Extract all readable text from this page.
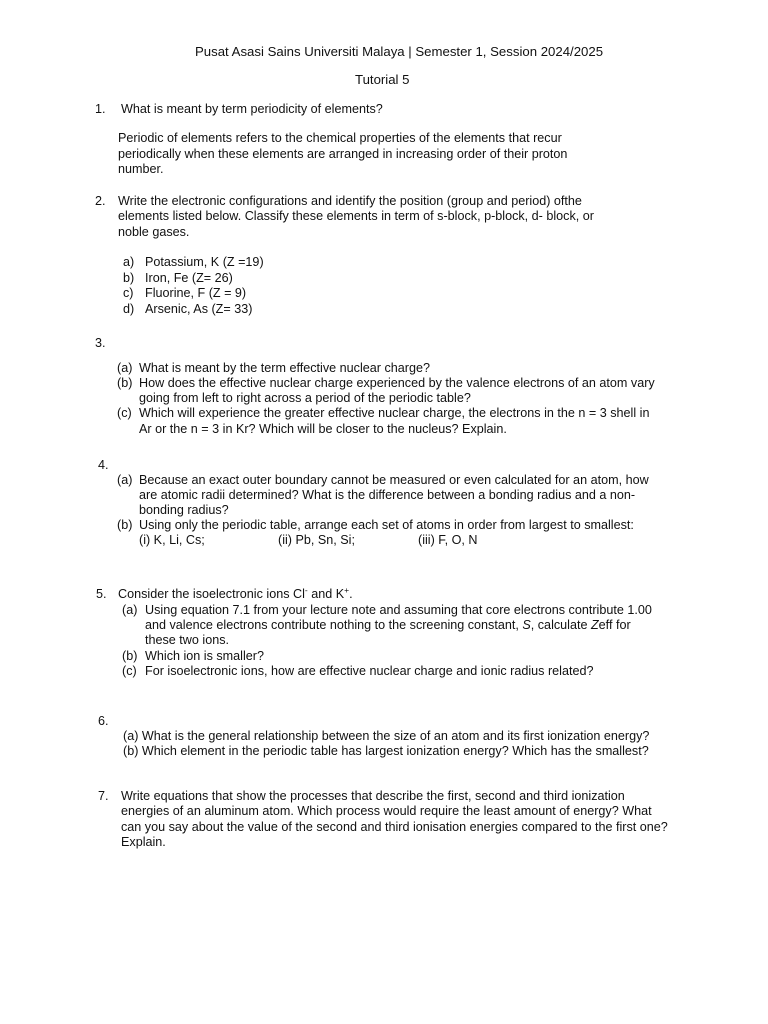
Pusat Asasi Sains Universiti Malaya | Semester 1, Session 2024/2025
Tutorial 5
1. What is meant by term periodicity of elements?
Periodic of elements refers to the chemical properties of the elements that recur
periodically when these elements are arranged in increasing order of their proton
number.
2. Write the electronic configurations and identify the position (group and period) ofthe
elements listed below. Classify these elements in term of s-block, p-block, d- block, or
noble gases.
a) Potassium, K (Z =19)
b) Iron, Fe (Z= 26)
c) Fluorine, F (Z = 9)
d) Arsenic, As (Z= 33)
3.
(a) What is meant by the term effective nuclear charge?
(b) How does the effective nuclear charge experienced by the valence electrons of an atom vary
going from left to right across a period of the periodic table?
(c) Which will experience the greater effective nuclear charge, the electrons in the n = 3 shell in
Ar or the n = 3 in Kr? Which will be closer to the nucleus? Explain.
4.
(a) Because an exact outer boundary cannot be measured or even calculated for an atom, how
are atomic radii determined? What is the difference between a bonding radius and a non-
bonding radius?
(b) Using only the periodic table, arrange each set of atoms in order from largest to smallest:
(i) K, Li, Cs;	(ii) Pb, Sn, Si;	(iii) F, O, N
5. Consider the isoelectronic ions Cl- and K+.
(a) Using equation 7.1 from your lecture note and assuming that core electrons contribute 1.00
and valence electrons contribute nothing to the screening constant, S, calculate Zeff for
these two ions.
(b) Which ion is smaller?
(c) For isoelectronic ions, how are effective nuclear charge and ionic radius related?
6.
(a) What is the general relationship between the size of an atom and its first ionization energy?
(b) Which element in the periodic table has largest ionization energy? Which has the smallest?
7. Write equations that show the processes that describe the first, second and third ionization
energies of an aluminum atom. Which process would require the least amount of energy? What
can you say about the value of the second and third ionisation energies compared to the first one?
Explain.
